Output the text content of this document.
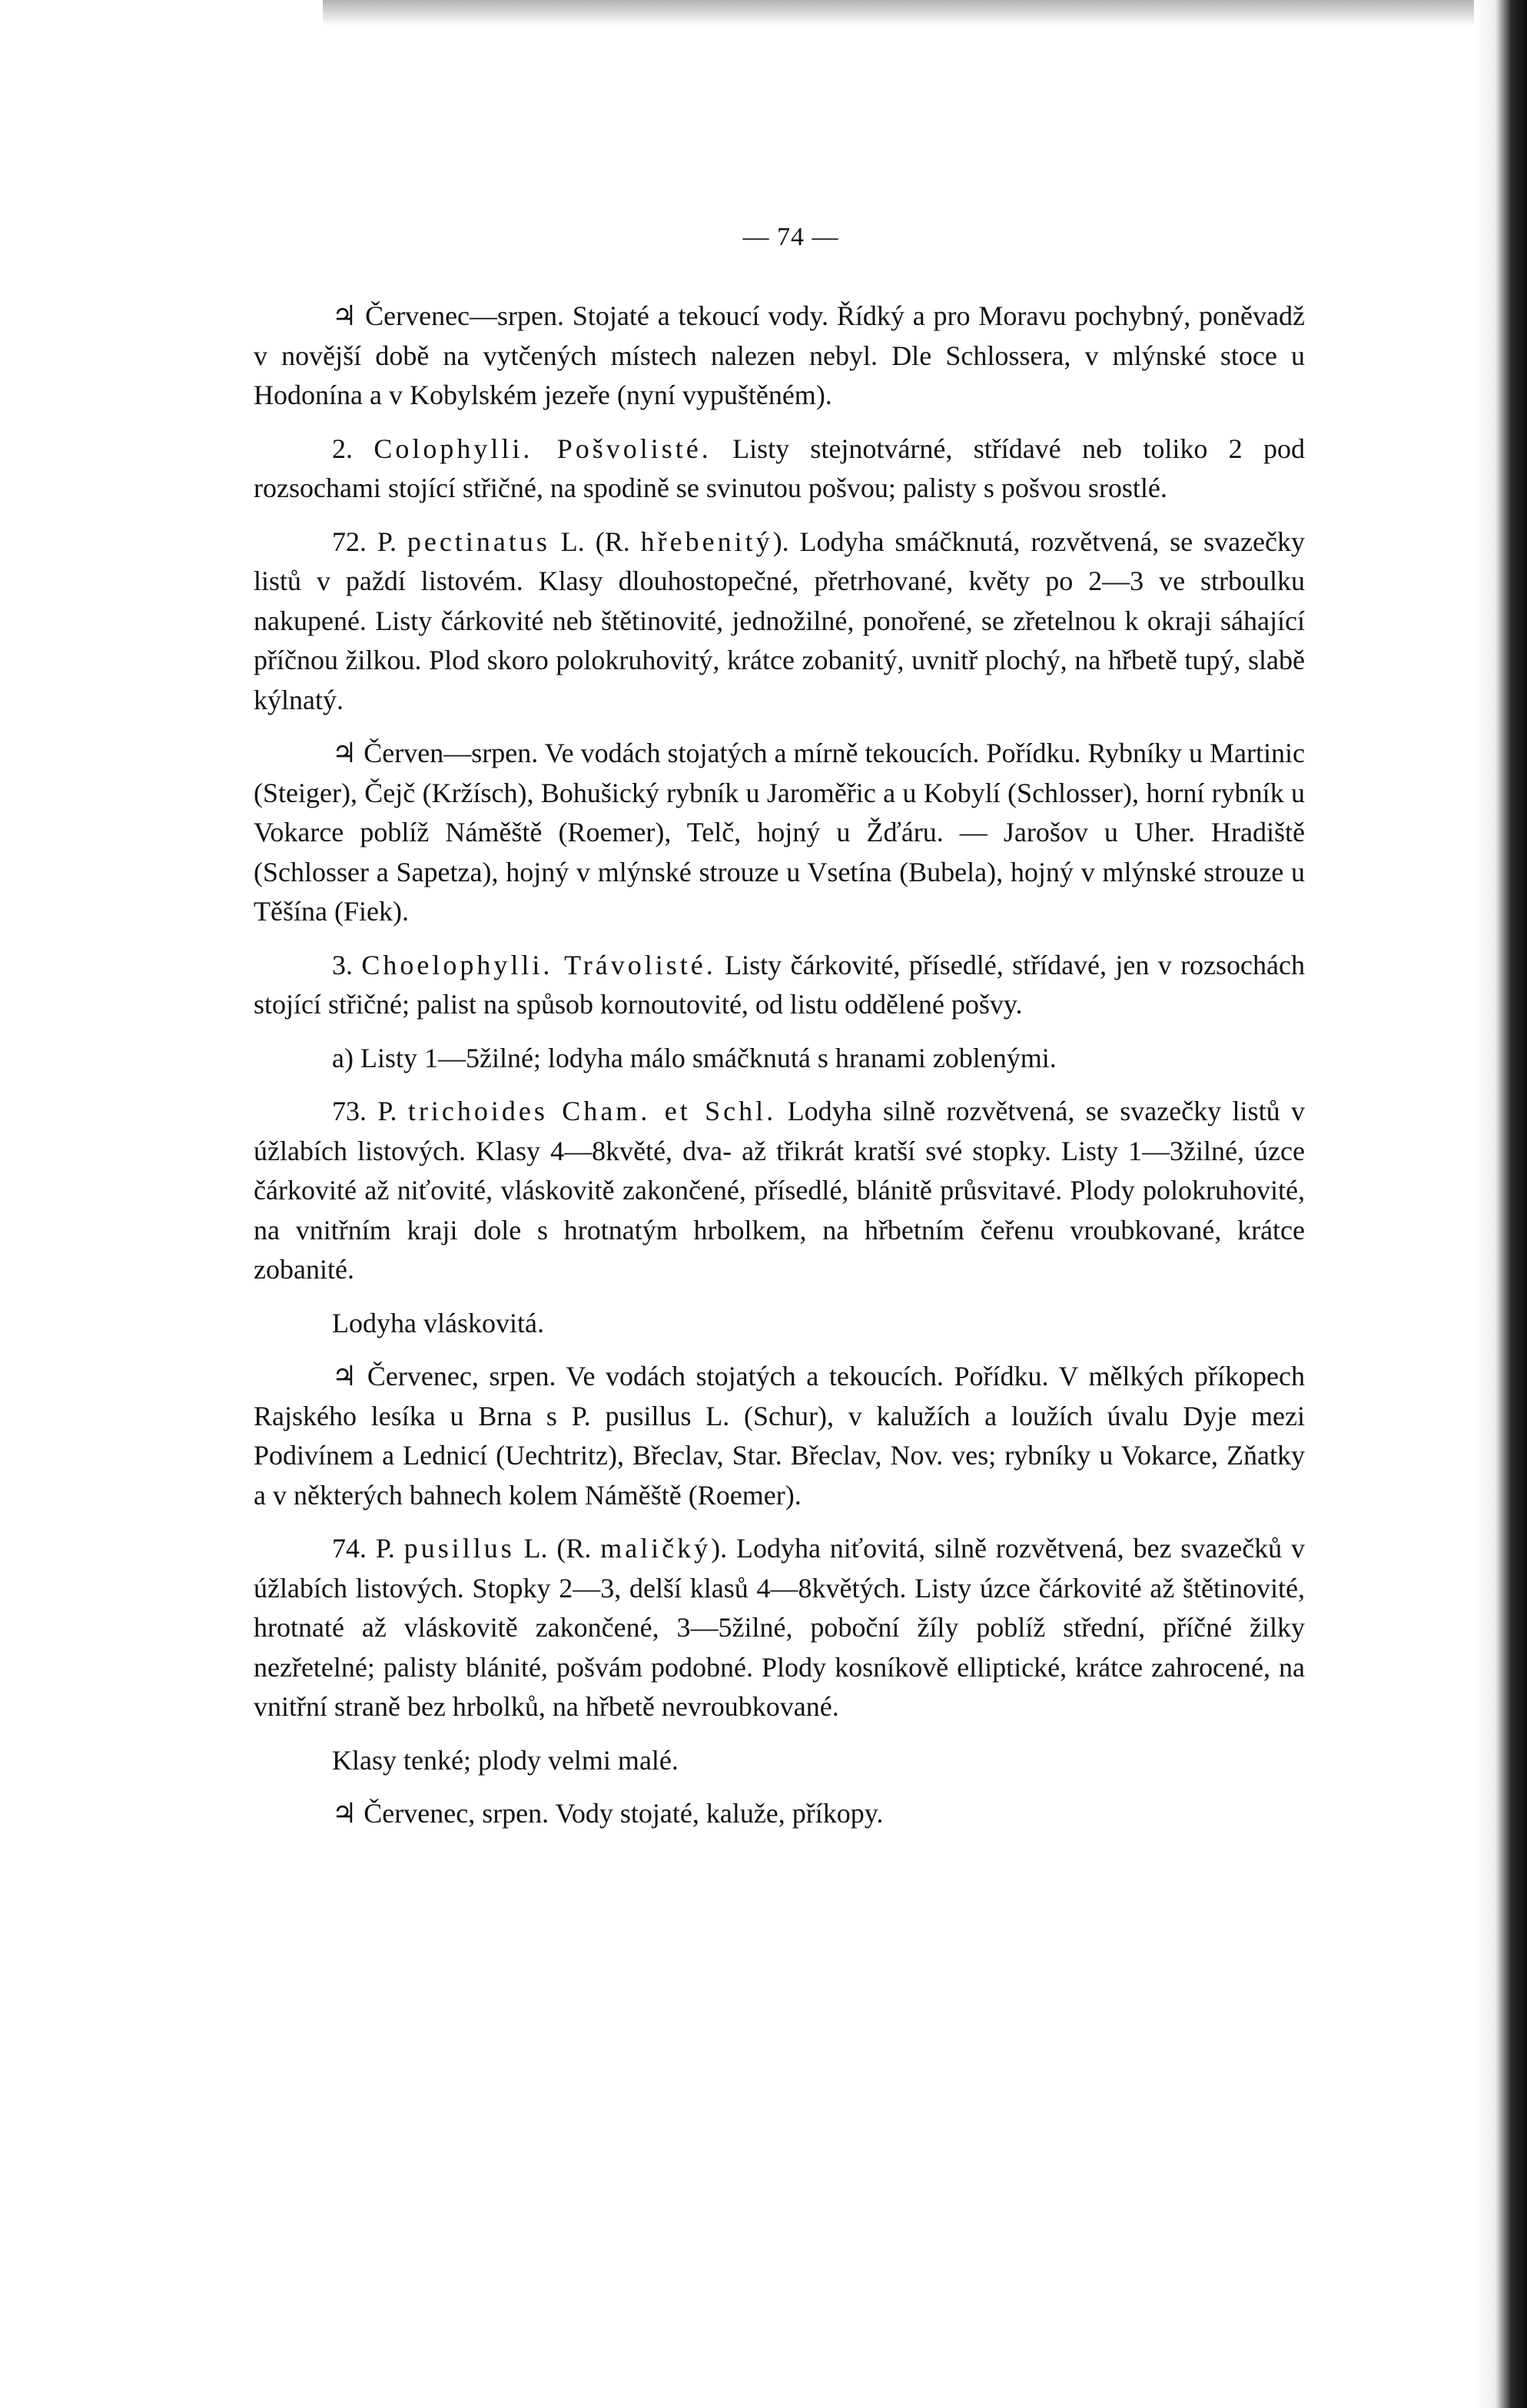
— 74 —

♃ Červenec—srpen. Stojaté a tekoucí vody. Řídký a pro Moravu pochybný, poněvadž v novější době na vytčených místech nalezen nebyl. Dle Schlossera, v mlýnské stoce u Hodonína a v Kobylském jezeře (nyní vypuštěném).

2. Colophylli. Pošvolisté. Listy stejnotvárné, střídavé neb toliko 2 pod rozsochami stojící střičné, na spodině se svinutou pošvou; palisty s pošvou srostlé.

72. P. pectinatus L. (R. hřebenitý). Lodyha smáčknutá, rozvětvená, se svazečky listů v paždí listovém. Klasy dlouhostopečné, přetrhované, květy po 2—3 ve strboulku nakupené. Listy čárkovité neb štětinovité, jednožilné, ponořené, se zřetelnou k okraji sáhající příčnou žilkou. Plod skoro polokruhovitý, krátce zobanitý, uvnitř plochý, na hřbetě tupý, slabě kýlnatý.

♃ Červen—srpen. Ve vodách stojatých a mírně tekoucích. Pořídku. Rybníky u Martinic (Steiger), Čejč (Kržísch), Bohušický rybník u Jaroměřic a u Kobylí (Schlosser), horní rybník u Vokarce poblíž Náměště (Roemer), Telč, hojný u Žďáru. — Jarošov u Uher. Hradiště (Schlosser a Sapetza), hojný v mlýnské strouze u Vsetína (Bubela), hojný v mlýnské strouze u Těšína (Fiek).

3. Choelophylli. Trávolisté. Listy čárkovité, přísedlé, střídavé, jen v rozsochách stojící střičné; palist na spůsob kornoutovité, od listu oddělené pošvy.

a) Listy 1—5žilné; lodyha málo smáčknutá s hranami zoblenými.

73. P. trichoides Cham. et Schl. Lodyha silně rozvětvená, se svazečky listů v úžlabích listových. Klasy 4—8květé, dva- až třikrát kratší své stopky. Listy 1—3žilné, úzce čárkovité až niťovité, vláskovitě zakončené, přísedlé, blánitě průsvitavé. Plody polokruhovité, na vnitřním kraji dole s hrotnatým hrbolkem, na hřbetním čeřenu vroubkované, krátce zobanité.

Lodyha vláskovitá.

♃ Červenec, srpen. Ve vodách stojatých a tekoucích. Pořídku. V mělkých příkopech Rajského lesíka u Brna s P. pusillus L. (Schur), v kalužích a loužích úvalu Dyje mezi Podivínem a Lednicí (Uechtritz), Břeclav, Star. Břeclav, Nov. ves; rybníky u Vokarce, Zňatky a v některých bahnech kolem Náměště (Roemer).

74. P. pusillus L. (R. maličký). Lodyha niťovitá, silně rozvětvená, bez svazečků v úžlabích listových. Stopky 2—3, delší klasů 4—8květých. Listy úzce čárkovité až štětinovité, hrotnaté až vláskovitě zakončené, 3—5žilné, poboční žíly poblíž střední, příčné žilky nezřetelné; palisty blánité, pošvám podobné. Plody kosníkově elliptické, krátce zahrocené, na vnitřní straně bez hrbolků, na hřbetě nevroubkované.

Klasy tenké; plody velmi malé.

♃ Červenec, srpen. Vody stojaté, kaluže, příkopy.
